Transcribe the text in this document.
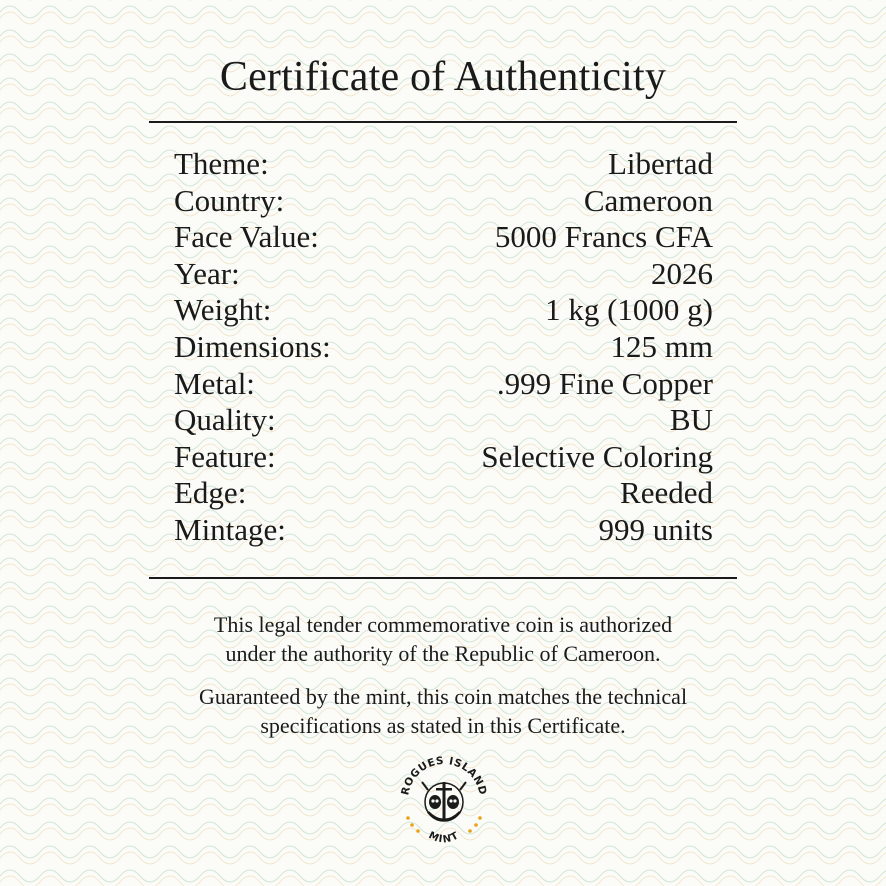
Certificate of Authenticity
Theme:	Libertad
Country:	Cameroon
Face Value:	5000 Francs CFA
Year:	2026
Weight:	1 kg (1000 g)
Dimensions:	125 mm
Metal:	.999 Fine Copper
Quality:	BU
Feature:	Selective Coloring
Edge:	Reeded
Mintage:	999 units

This legal tender commemorative coin is authorized
under the authority of the Republic of Cameroon.

Guaranteed by the mint, this coin matches the technical
specifications as stated in this Certificate.

ROGUES ISLAND
MINT
